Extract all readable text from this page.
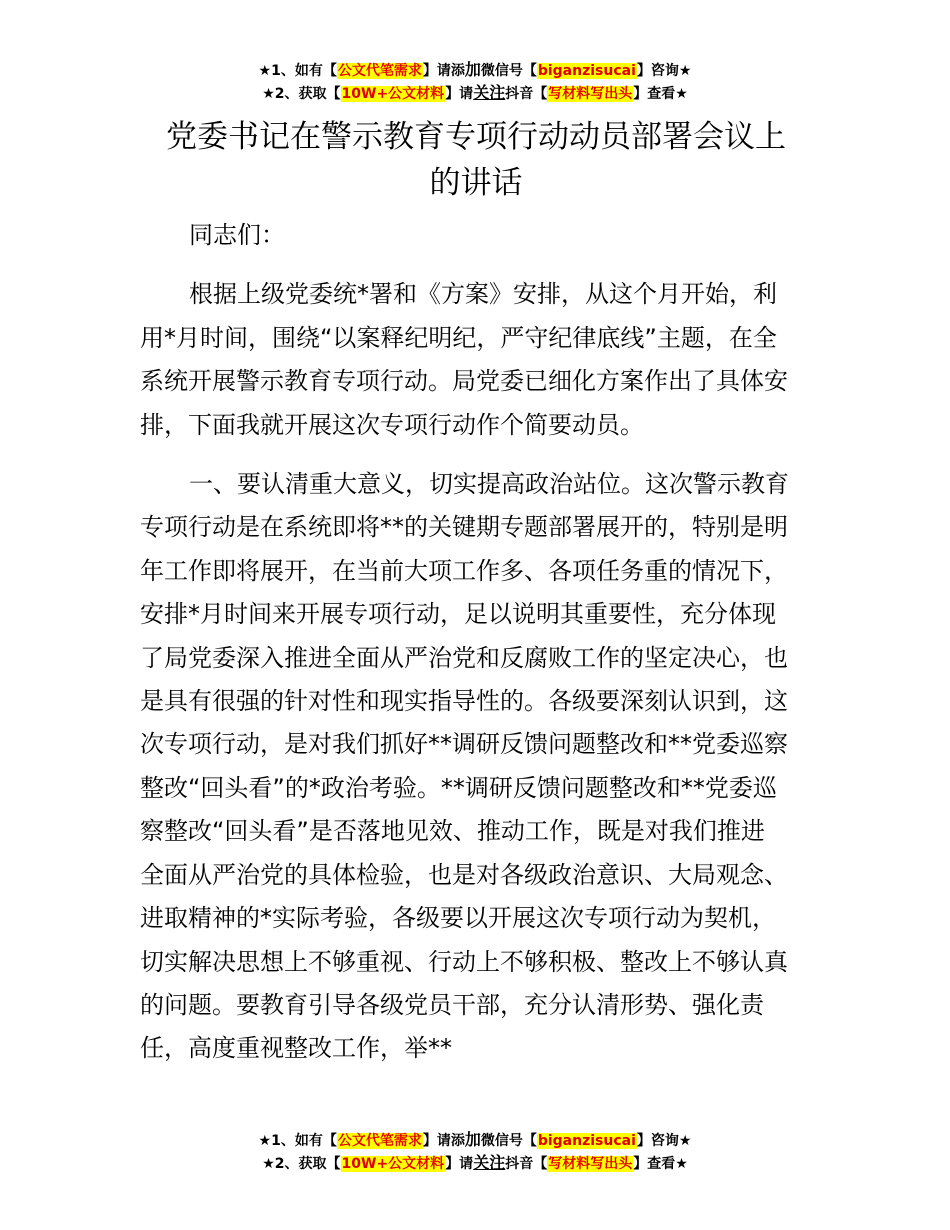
★1、如有【公文代笔需求】请添加微信号【biganzisucai】咨询★
★2、获取【10W+公文材料】请关注抖音【写材料写出头】查看★
党委书记在警示教育专项行动动员部署会议上
的讲话
同志们：
根据上级党委统*署和《方案》安排，从这个月开始，利
用*月时间，围绕“以案释纪明纪，严守纪律底线”主题，在全
系统开展警示教育专项行动。局党委已细化方案作出了具体安
排，下面我就开展这次专项行动作个简要动员。
一、要认清重大意义，切实提高政治站位。这次警示教育
专项行动是在系统即将**的关键期专题部署展开的，特别是明
年工作即将展开，在当前大项工作多、各项任务重的情况下，
安排*月时间来开展专项行动，足以说明其重要性，充分体现
了局党委深入推进全面从严治党和反腐败工作的坚定决心，也
是具有很强的针对性和现实指导性的。各级要深刻认识到，这
次专项行动，是对我们抓好**调研反馈问题整改和**党委巡察
整改“回头看”的*政治考验。**调研反馈问题整改和**党委巡
察整改“回头看”是否落地见效、推动工作，既是对我们推进
全面从严治党的具体检验，也是对各级政治意识、大局观念、
进取精神的*实际考验，各级要以开展这次专项行动为契机，
切实解决思想上不够重视、行动上不够积极、整改上不够认真
的问题。要教育引导各级党员干部，充分认清形势、强化责
任，高度重视整改工作，举**
★1、如有【公文代笔需求】请添加微信号【biganzisucai】咨询★
★2、获取【10W+公文材料】请关注抖音【写材料写出头】查看★
